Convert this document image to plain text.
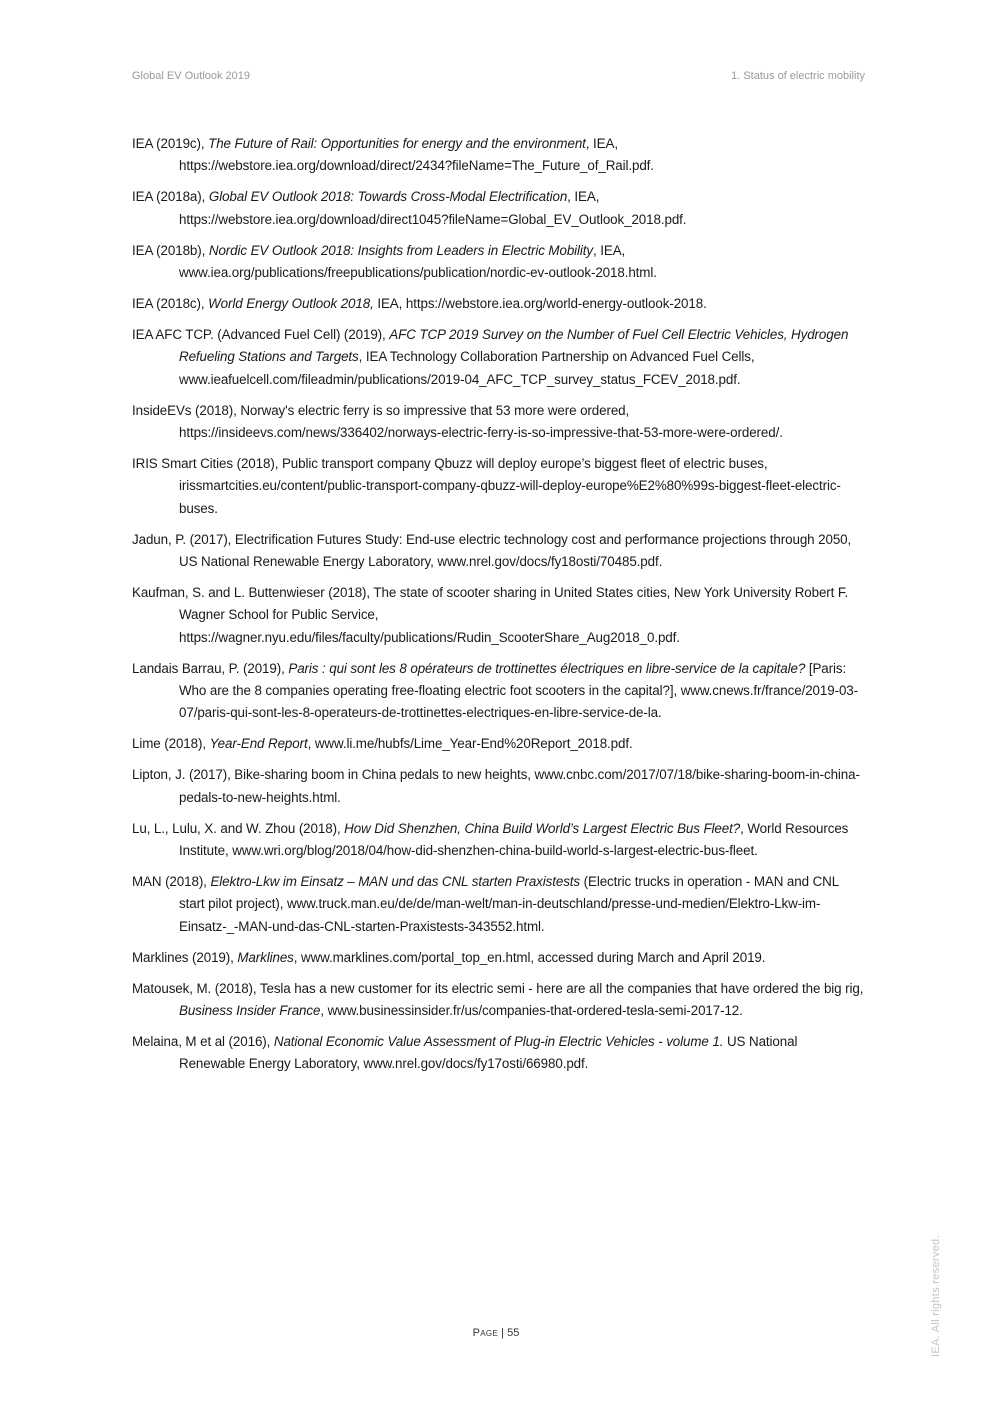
Global EV Outlook 2019	1. Status of electric mobility

IEA (2019c), The Future of Rail: Opportunities for energy and the environment, IEA, https://webstore.iea.org/download/direct/2434?fileName=The_Future_of_Rail.pdf.

IEA (2018a), Global EV Outlook 2018: Towards Cross-Modal Electrification, IEA, https://webstore.iea.org/download/direct1045?fileName=Global_EV_Outlook_2018.pdf.

IEA (2018b), Nordic EV Outlook 2018: Insights from Leaders in Electric Mobility, IEA, www.iea.org/publications/freepublications/publication/nordic-ev-outlook-2018.html.

IEA (2018c), World Energy Outlook 2018, IEA, https://webstore.iea.org/world-energy-outlook-2018.

IEA AFC TCP. (Advanced Fuel Cell) (2019), AFC TCP 2019 Survey on the Number of Fuel Cell Electric Vehicles, Hydrogen Refueling Stations and Targets, IEA Technology Collaboration Partnership on Advanced Fuel Cells, www.ieafuelcell.com/fileadmin/publications/2019-04_AFC_TCP_survey_status_FCEV_2018.pdf.

InsideEVs (2018), Norway's electric ferry is so impressive that 53 more were ordered, https://insideevs.com/news/336402/norways-electric-ferry-is-so-impressive-that-53-more-were-ordered/.

IRIS Smart Cities (2018), Public transport company Qbuzz will deploy europe’s biggest fleet of electric buses, irissmartcities.eu/content/public-transport-company-qbuzz-will-deploy-europe%E2%80%99s-biggest-fleet-electric-buses.

Jadun, P. (2017), Electrification Futures Study: End-use electric technology cost and performance projections through 2050, US National Renewable Energy Laboratory, www.nrel.gov/docs/fy18osti/70485.pdf.

Kaufman, S. and L. Buttenwieser (2018), The state of scooter sharing in United States cities, New York University Robert F. Wagner School for Public Service, https://wagner.nyu.edu/files/faculty/publications/Rudin_ScooterShare_Aug2018_0.pdf.

Landais Barrau, P. (2019), Paris : qui sont les 8 opérateurs de trottinettes électriques en libre-service de la capitale? [Paris: Who are the 8 companies operating free-floating electric foot scooters in the capital?], www.cnews.fr/france/2019-03-07/paris-qui-sont-les-8-operateurs-de-trottinettes-electriques-en-libre-service-de-la.

Lime (2018), Year-End Report, www.li.me/hubfs/Lime_Year-End%20Report_2018.pdf.

Lipton, J. (2017), Bike-sharing boom in China pedals to new heights, www.cnbc.com/2017/07/18/bike-sharing-boom-in-china-pedals-to-new-heights.html.

Lu, L., Lulu, X. and W. Zhou (2018), How Did Shenzhen, China Build World’s Largest Electric Bus Fleet?, World Resources Institute, www.wri.org/blog/2018/04/how-did-shenzhen-china-build-world-s-largest-electric-bus-fleet.

MAN (2018), Elektro-Lkw im Einsatz – MAN und das CNL starten Praxistests (Electric trucks in operation - MAN and CNL start pilot project), www.truck.man.eu/de/de/man-welt/man-in-deutschland/presse-und-medien/Elektro-Lkw-im-Einsatz-_-MAN-und-das-CNL-starten-Praxistests-343552.html.

Marklines (2019), Marklines, www.marklines.com/portal_top_en.html, accessed during March and April 2019.

Matousek, M. (2018), Tesla has a new customer for its electric semi - here are all the companies that have ordered the big rig, Business Insider France, www.businessinsider.fr/us/companies-that-ordered-tesla-semi-2017-12.

Melaina, M et al (2016), National Economic Value Assessment of Plug-in Electric Vehicles - volume 1. US National Renewable Energy Laboratory, www.nrel.gov/docs/fy17osti/66980.pdf.

Page | 55	IEA. All rights reserved.
